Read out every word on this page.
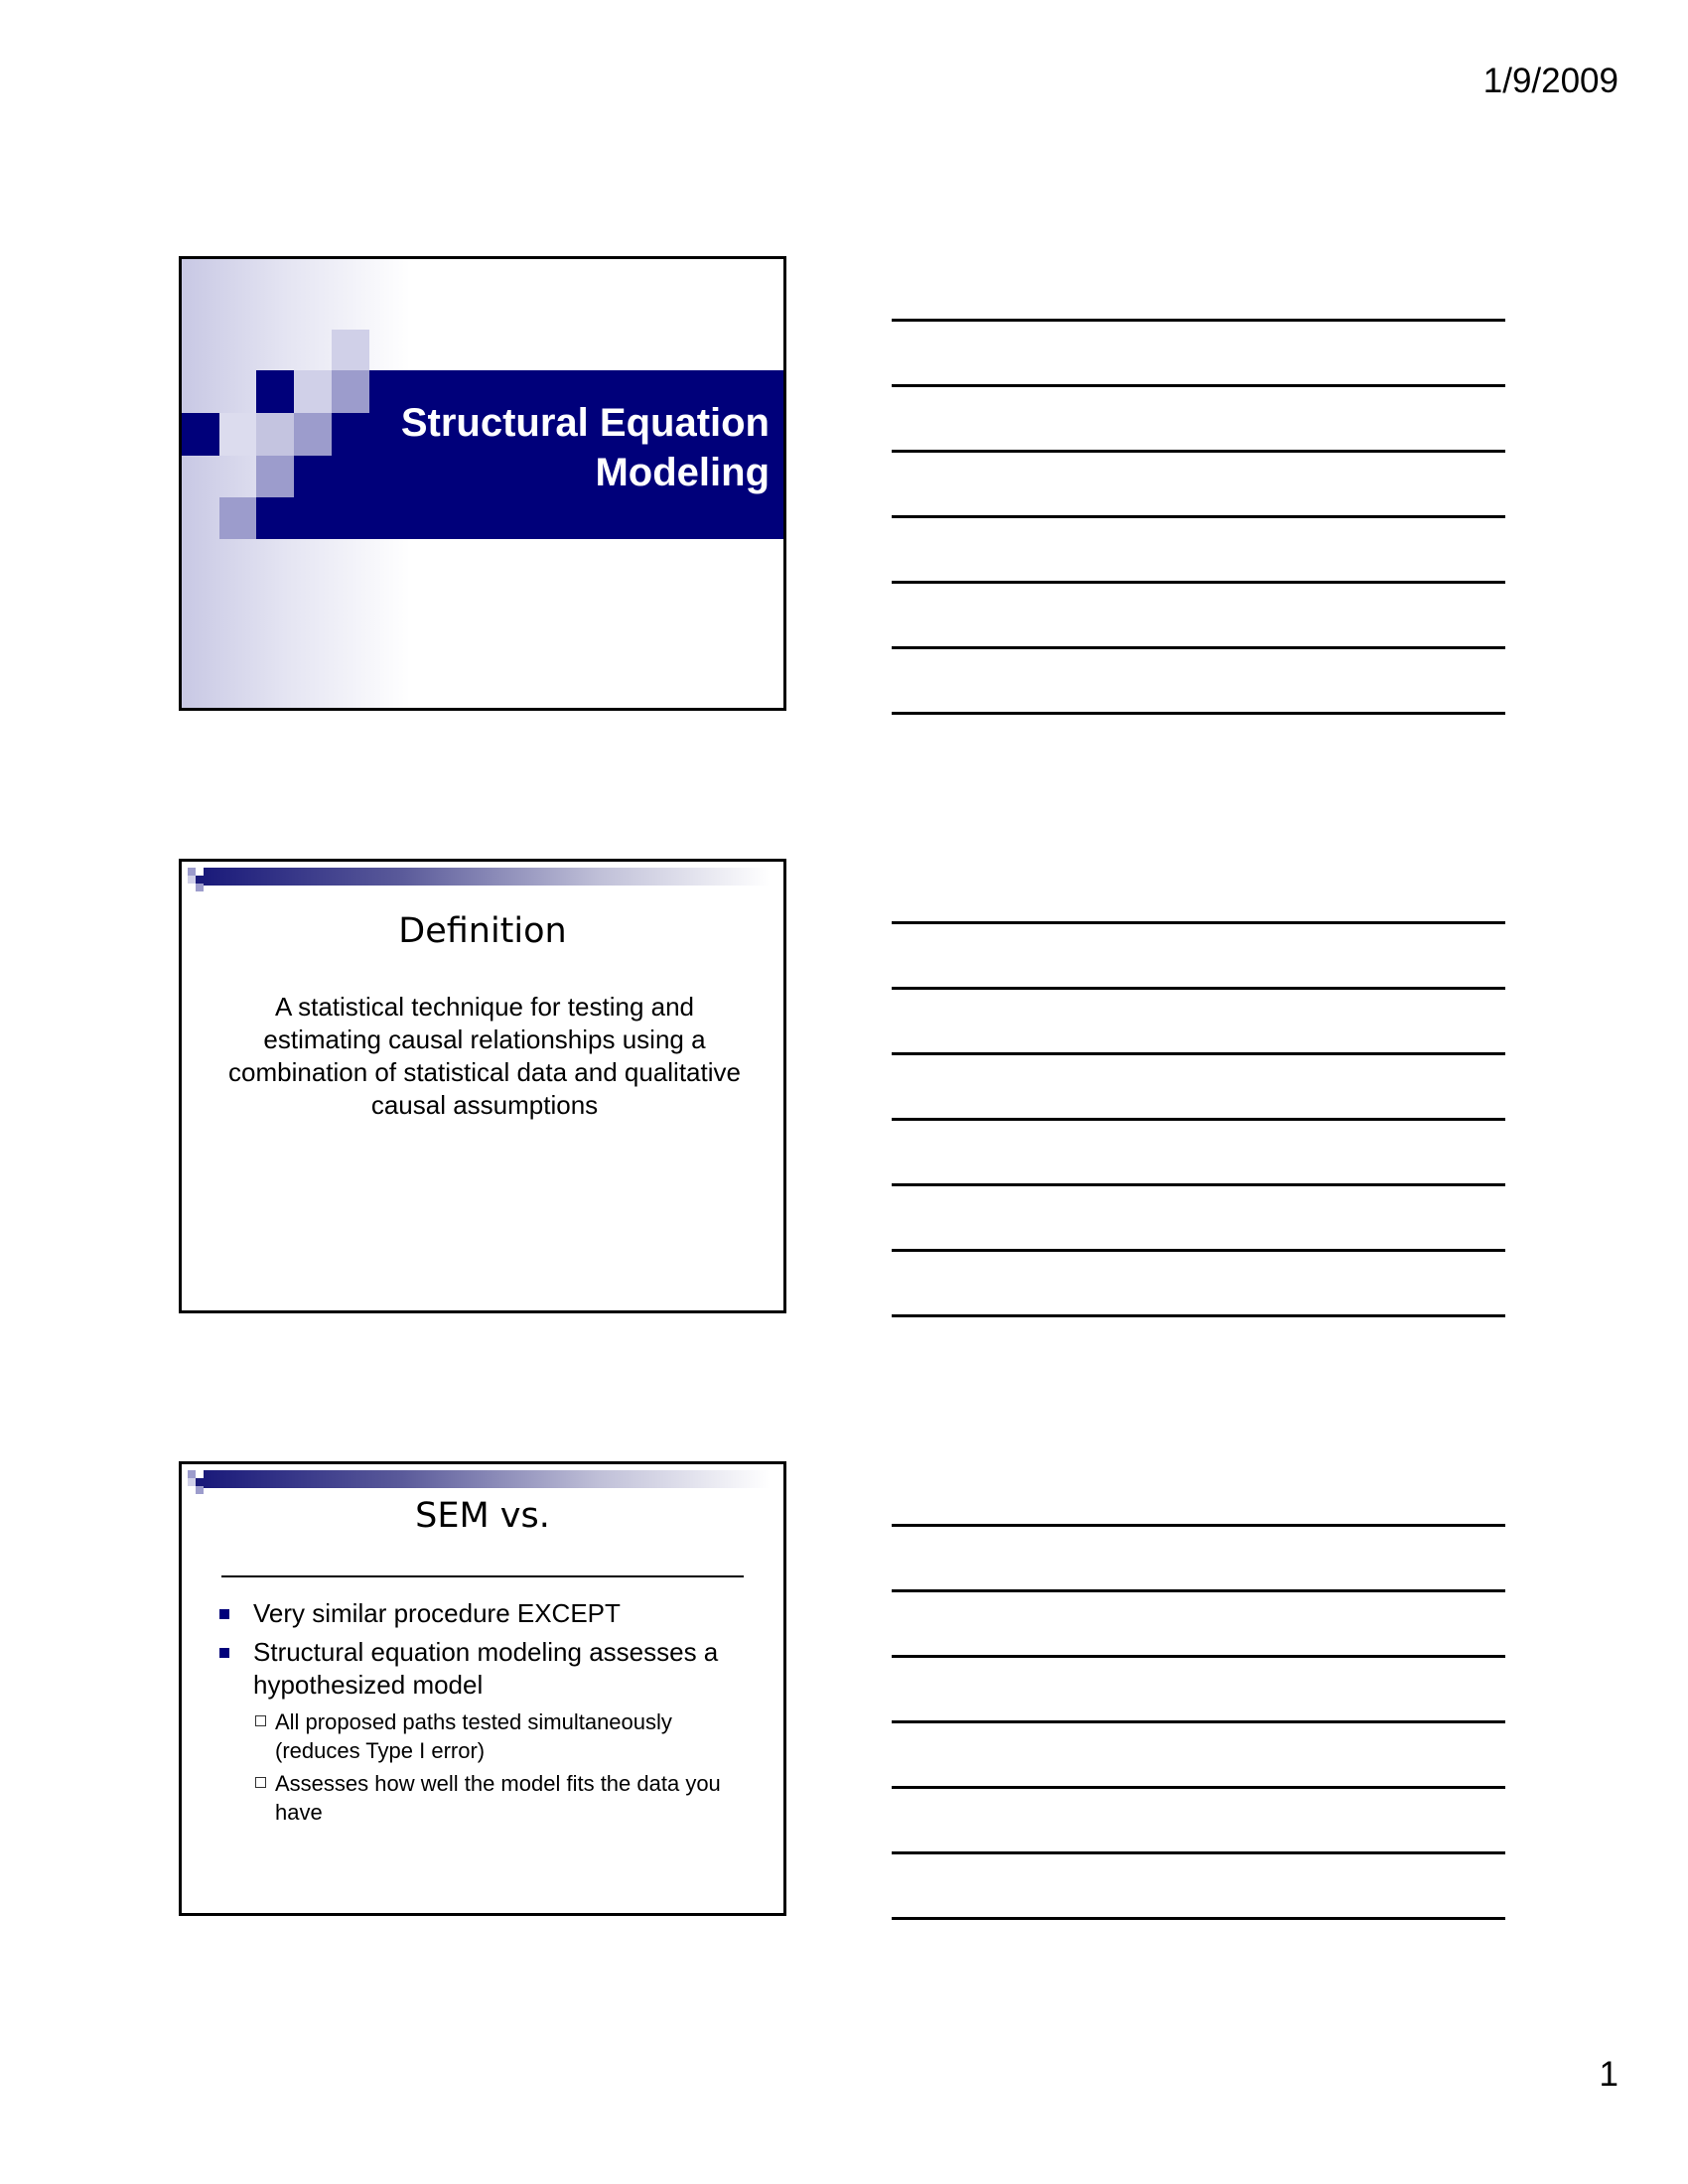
1/9/2009
Structural Equation
Modeling
Definition
A statistical technique for testing and estimating causal relationships using a combination of statistical data and qualitative causal assumptions
SEM vs.
Very similar procedure EXCEPT
Structural equation modeling assesses a hypothesized model
All proposed paths tested simultaneously (reduces Type I error)
Assesses how well the model fits the data you have
1
